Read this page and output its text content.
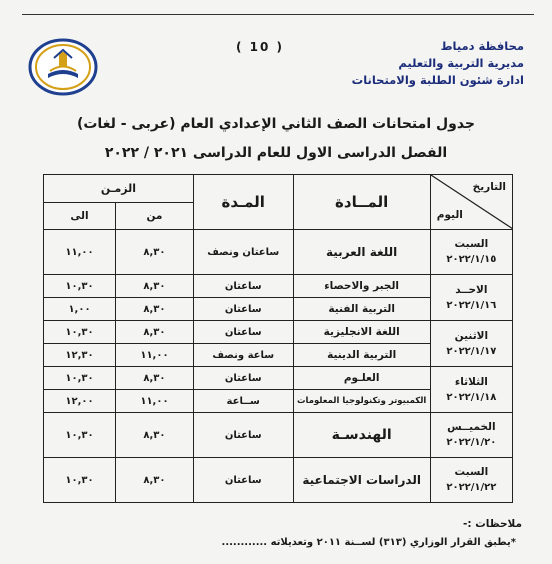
( 10 )	محافظة دمياط
مديرية التربية والتعليم
ادارة شئون الطلبة والامتحانات
جدول امتحانات الصف الثاني الإعدادي العام (عربى - لغات)
الفصل الدراسى الاول للعام الدراسى ٢٠٢١ / ٢٠٢٢
التاريخ
اليوم	المــادة	المـدة	الزمـن	
			من	الى

السبت
٢٠٢٢/١/١٥	اللغة العربية	ساعتان ونصف	٨,٣٠	١١,٠٠

الاحــد
٢٠٢٢/١/١٦	الجبر والاحصاء	ساعتان	٨,٣٠	١٠,٣٠
	التربية الفنية	ساعتان	٨,٣٠	١,٠٠

الاثنين
٢٠٢٢/١/١٧	اللغة الانجليزية	ساعتان	٨,٣٠	١٠,٣٠
	التربية الدينية	ساعة ونصف	١١,٠٠	١٢,٣٠

الثلاثاء
٢٠٢٢/١/١٨	العلـوم	ساعتان	٨,٣٠	١٠,٣٠
	الكمبيوتر وتكنولوجيا المعلومات	ســاعة	١١,٠٠	١٢,٠٠

الخميــس
٢٠٢٢/١/٢٠	الهندسـة	ساعتان	٨,٣٠	١٠,٣٠

السبت
٢٠٢٢/١/٢٢	الدراسات الاجتماعية	ساعتان	٨,٣٠	١٠,٣٠
ملاحظات :-
*يطبق القرار الوزاري (٣١٣) لســنة ٢٠١١ وتعديلاته ............
